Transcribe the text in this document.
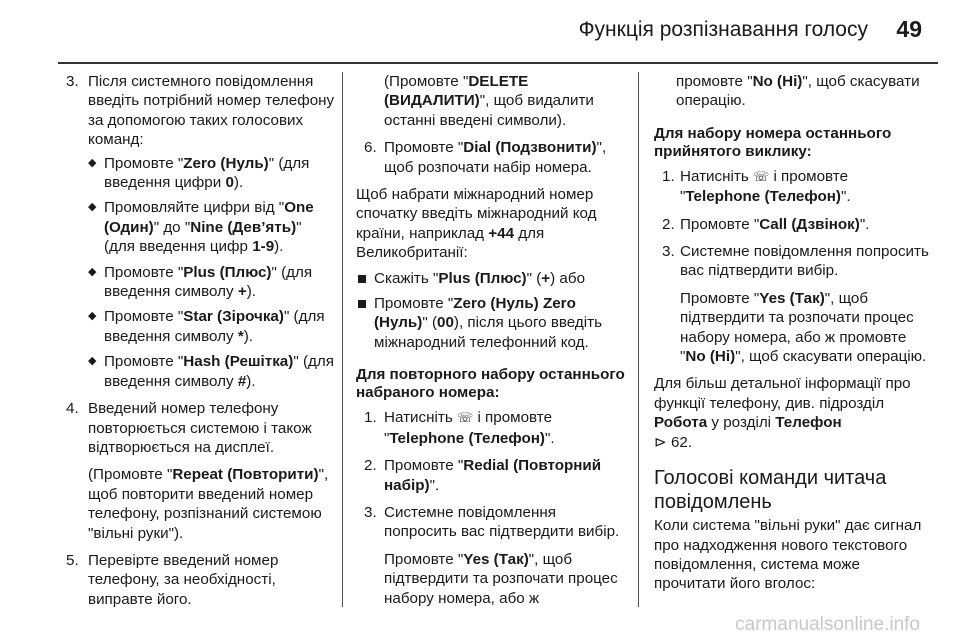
Функція розпізнавання голосу 49
3. Після системного повідомлення введіть потрібний номер телефону за допомогою таких голосових команд:
◆ Промовте "Zero (Нуль)" (для введення цифри 0).
◆ Промовляйте цифри від "One (Один)" до "Nine (Дев’ять)" (для введення цифр 1-9).
◆ Промовте "Plus (Плюс)" (для введення символу +).
◆ Промовте "Star (Зірочка)" (для введення символу *).
◆ Промовте "Hash (Решітка)" (для введення символу #).
4. Введений номер телефону повторюється системою і також відтворюється на дисплеї.

(Промовте "Repeat (Повторити)", щоб повторити введений номер телефону, розпізнаний системою "вільні руки").

5. Перевірте введений номер телефону, за необхідності, виправте його.

(Промовте "DELETE (ВИДАЛИТИ)", щоб видалити останні введені символи).

6. Промовте "Dial (Подзвонити)", щоб розпочати набір номера.

Щоб набрати міжнародний номер спочатку введіть міжнародний код країни, наприклад +44 для Великобританії:

Скажіть "Plus (Плюс)" (+) або
Промовте "Zero (Нуль) Zero (Нуль)" (00), після цього введіть міжнародний телефонний код.
Для повторного набору останнього набраного номера:
1. Натисніть ☏ і промовте "Telephone (Телефон)".
2. Промовте "Redial (Повторний набір)".
3. Системне повідомлення попросить вас підтвердити вибір.

Промовте "Yes (Так)", щоб підтвердити та розпочати процес набору номера, або ж

промовте "No (Ні)", щоб скасувати операцію.

Для набору номера останнього прийнятого виклику:
1. Натисніть ☏ і промовте "Telephone (Телефон)".
2. Промовте "Call (Дзвінок)".
3. Системне повідомлення попросить вас підтвердити вибір.

Промовте "Yes (Так)", щоб підтвердити та розпочати процес набору номера, або ж промовте "No (Ні)", щоб скасувати операцію.

Для більш детальної інформації про функції телефону, див. підрозділ Робота у розділі Телефон
⊳ 62.

Голосові команди читача повідомлень

Коли система "вільні руки" дає сигнал про надходження нового текстового повідомлення, система може прочитати його вголос:

carmanualsonline.info
